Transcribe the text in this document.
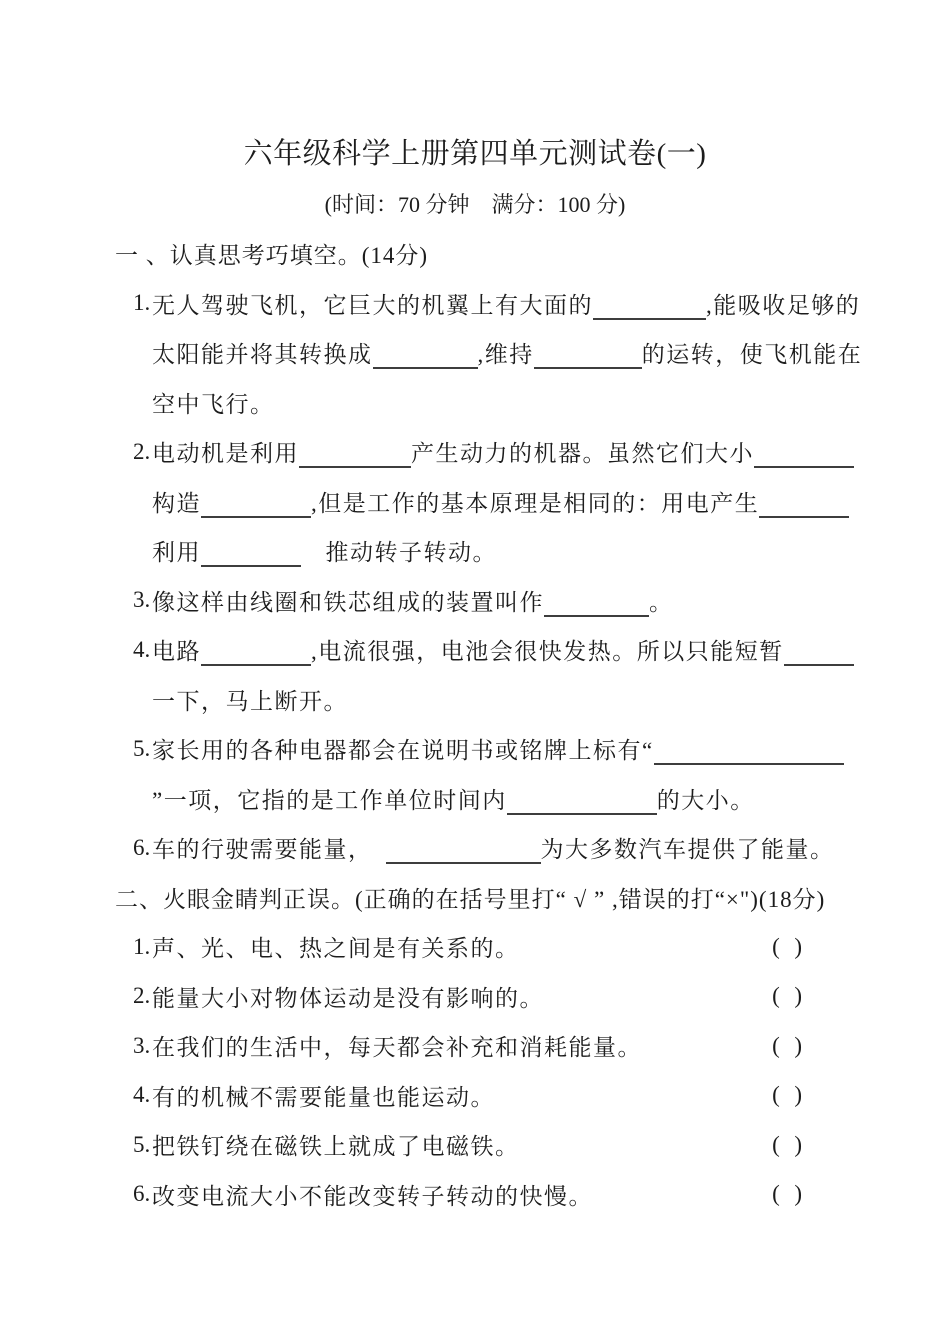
六年级科学上册第四单元测试卷(一)
(时间：70 分钟　满分：100 分)
一 、认真思考巧填空。(14分)
1. 无人驾驶飞机，它巨大的机翼上有大面的	,能吸收足够的
太阳能并将其转换成	,维持	的运转，使飞机能在
空中飞行。
2. 电动机是利用	产生动力的机器。虽然它们大小
构造	,但是工作的基本原理是相同的：用电产生
利用	　推动转子转动。
3. 像这样由线圈和铁芯组成的装置叫作	。
4. 电路	,电流很强，电池会很快发热。所以只能短暂
一下，马上断开。
5. 家长用的各种电器都会在说明书或铭牌上标有“
”一项，它指的是工作单位时间内	的大小。
6. 车的行驶需要能量，　	为大多数汽车提供了能量。
二、火眼金睛判正误。(正确的在括号里打“ √ ” ,错误的打“×")(18分)
1. 声、光、电、热之间是有关系的。	(  )
2. 能量大小对物体运动是没有影响的。	(  )
3. 在我们的生活中，每天都会补充和消耗能量。	(  )
4. 有的机械不需要能量也能运动。	(  )
5. 把铁钉绕在磁铁上就成了电磁铁。	(  )
6. 改变电流大小不能改变转子转动的快慢。	(  )
